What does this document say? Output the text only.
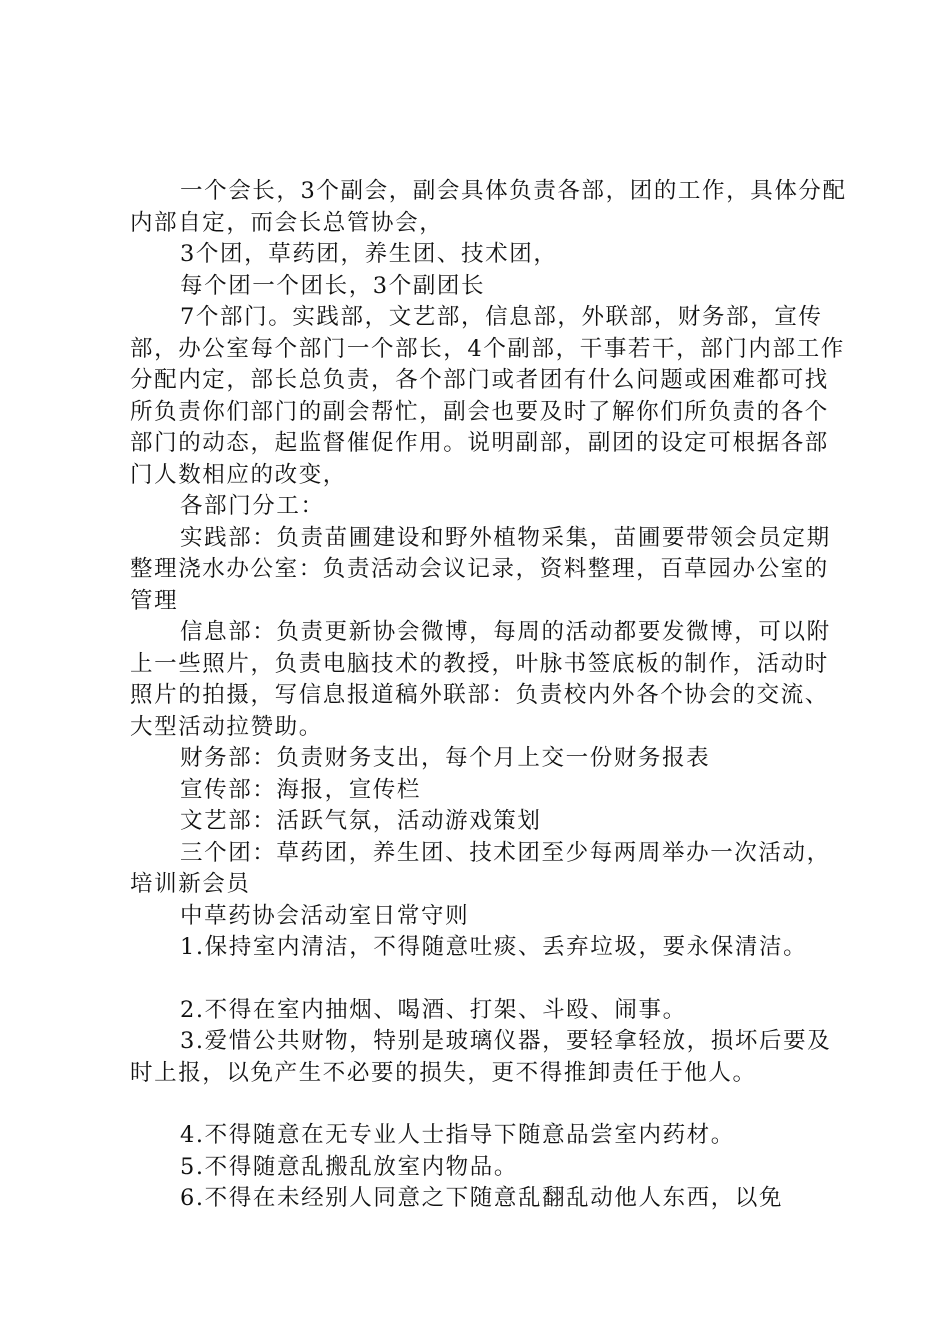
一个会长，3个副会，副会具体负责各部，团的工作，具体分配内部自定，而会长总管协会，

3个团，草药团，养生团、技术团，

每个团一个团长，3个副团长

7个部门。实践部，文艺部，信息部，外联部，财务部，宣传部，办公室每个部门一个部长，4个副部，干事若干，部门内部工作分配内定，部长总负责，各个部门或者团有什么问题或困难都可找所负责你们部门的副会帮忙，副会也要及时了解你们所负责的各个部门的动态，起监督催促作用。说明副部，副团的设定可根据各部门人数相应的改变，

各部门分工：

实践部：负责苗圃建设和野外植物采集，苗圃要带领会员定期整理浇水办公室：负责活动会议记录，资料整理，百草园办公室的管理

信息部：负责更新协会微博，每周的活动都要发微博，可以附上一些照片，负责电脑技术的教授，叶脉书签底板的制作，活动时照片的拍摄，写信息报道稿外联部：负责校内外各个协会的交流、大型活动拉赞助。

财务部：负责财务支出，每个月上交一份财务报表

宣传部：海报，宣传栏

文艺部：活跃气氛，活动游戏策划

三个团：草药团，养生团、技术团至少每两周举办一次活动，培训新会员

中草药协会活动室日常守则

1.保持室内清洁，不得随意吐痰、丢弃垃圾，要永保清洁。

2.不得在室内抽烟、喝酒、打架、斗殴、闹事。

3.爱惜公共财物，特别是玻璃仪器，要轻拿轻放，损坏后要及时上报，以免产生不必要的损失，更不得推卸责任于他人。

4.不得随意在无专业人士指导下随意品尝室内药材。

5.不得随意乱搬乱放室内物品。

6.不得在未经别人同意之下随意乱翻乱动他人东西，以免
